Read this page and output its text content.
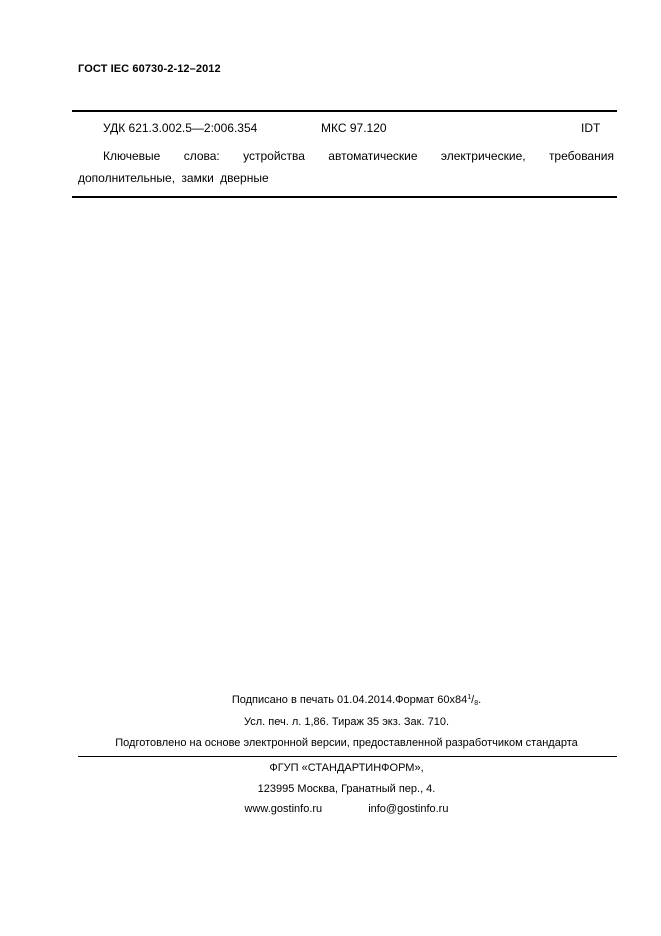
ГОСТ IEC 60730-2-12–2012
УДК 621.3.002.5—2:006.354	МКС 97.120	IDT
Ключевые слова: устройства автоматические электрические, требования
дополнительные, замки дверные
Подписано в печать 01.04.2014.Формат $60x84^1/_8$.
Усл. печ. л. 1,86. Тираж 35 экз. Зак. 710.
Подготовлено на основе электронной версии, предоставленной разработчиком стандарта
ФГУП «СТАНДАРТИНФОРМ»,
123995 Москва, Гранатный пер., 4.
www.gostinfo.ru	info@gostinfo.ru
